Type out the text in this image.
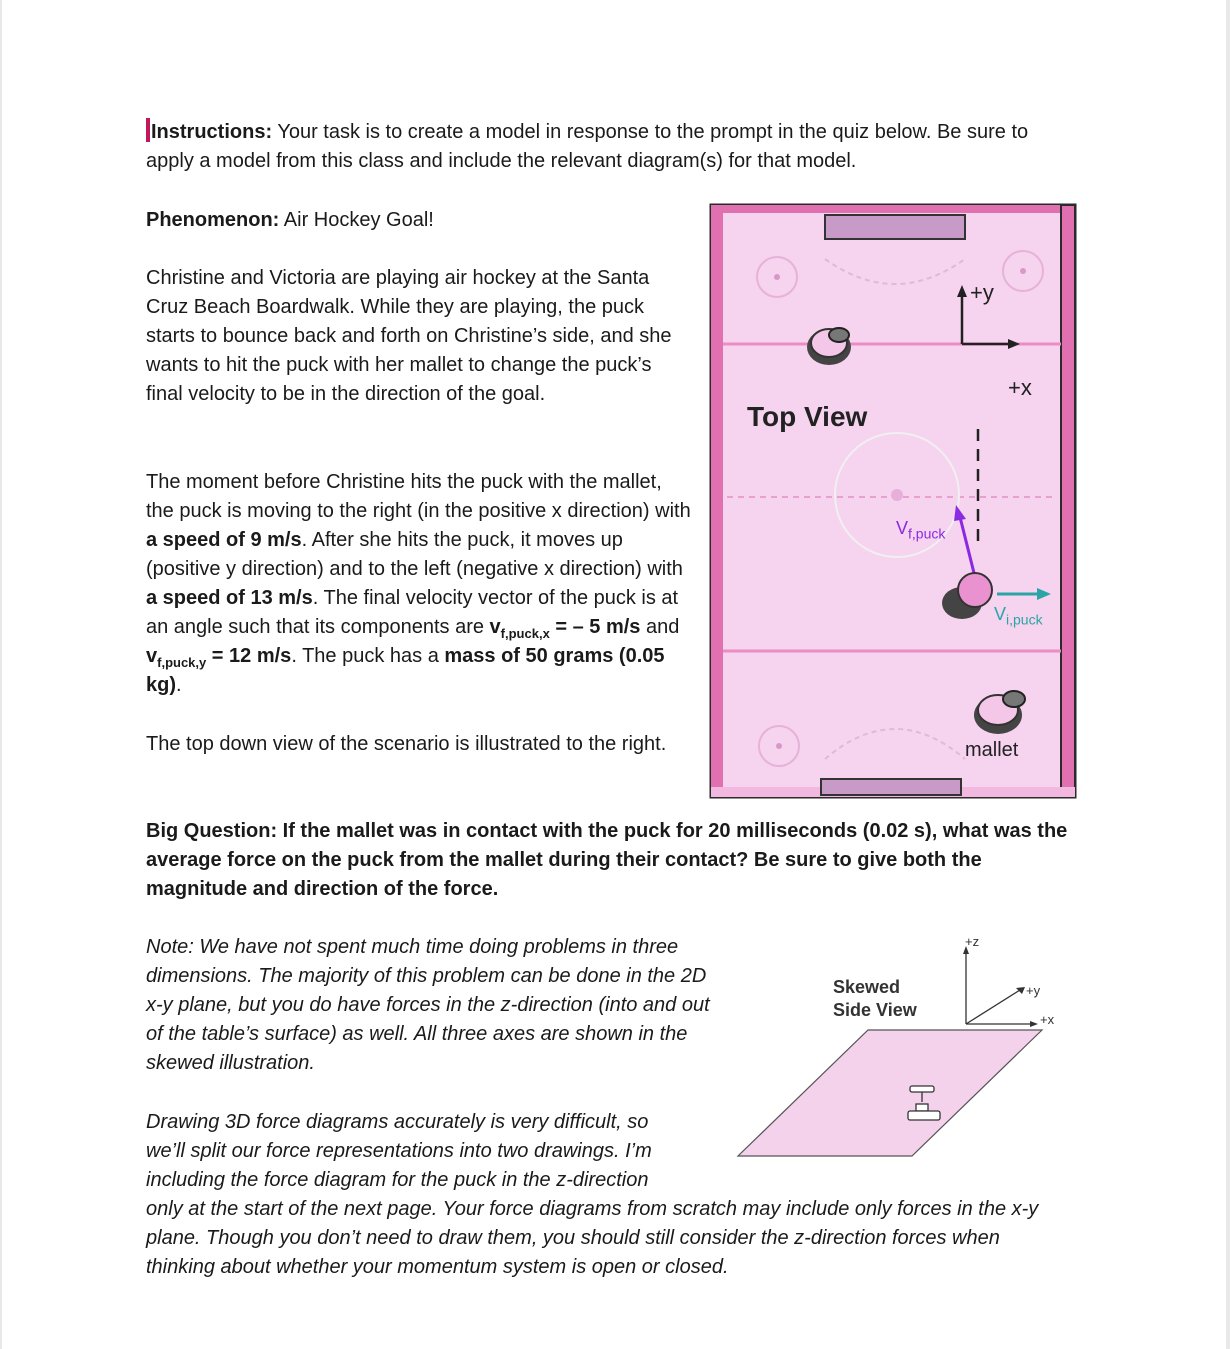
Instructions: Your task is to create a model in response to the prompt in the quiz below. Be sure to apply a model from this class and include the relevant diagram(s) for that model.
Phenomenon: Air Hockey Goal!
Christine and Victoria are playing air hockey at the Santa Cruz Beach Boardwalk. While they are playing, the puck starts to bounce back and forth on Christine’s side, and she wants to hit the puck with her mallet to change the puck’s final velocity to be in the direction of the goal.
The moment before Christine hits the puck with the mallet, the puck is moving to the right (in the positive x direction) with a speed of 9 m/s. After she hits the puck, it moves up (positive y direction) and to the left (negative x direction) with a speed of 13 m/s. The final velocity vector of the puck is at an angle such that its components are $v_{f,puck,x}$ = – 5 m/s and $v_{f,puck,y} = 12$ m/s. The puck has a mass of 50 grams (0.05 kg).
The top down view of the scenario is illustrated to the right.
Top View
+y
+x
$V_{f,puck}$
$V_{i,puck}$
mallet
Big Question: If the mallet was in contact with the puck for 20 milliseconds (0.02 s), what was the average force on the puck from the mallet during their contact? Be sure to give both the magnitude and direction of the force.
Note: We have not spent much time doing problems in three dimensions. The majority of this problem can be done in the 2D x-y plane, but you do have forces in the z-direction (into and out of the table’s surface) as well. All three axes are shown in the skewed illustration.
Drawing 3D force diagrams accurately is very difficult, so
we’ll split our force representations into two drawings. I’m
including the force diagram for the puck in the z-direction
only at the start of the next page. Your force diagrams from scratch may include only forces in the x-y plane. Though you don’t need to draw them, you should still consider the z-direction forces when thinking about whether your momentum system is open or closed.
Skewed
Side View
+z
+y
+x
